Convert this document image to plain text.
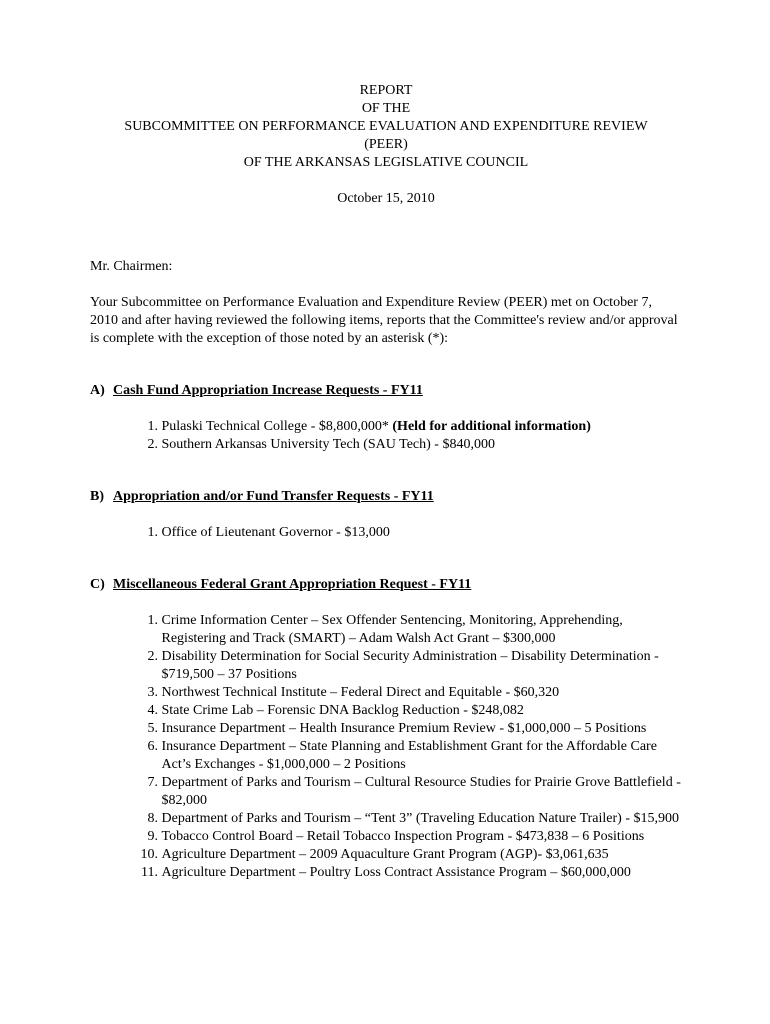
REPORT
OF THE
SUBCOMMITTEE ON PERFORMANCE EVALUATION AND EXPENDITURE REVIEW
(PEER)
OF THE ARKANSAS LEGISLATIVE COUNCIL
October 15, 2010
Mr. Chairmen:
Your Subcommittee on Performance Evaluation and Expenditure Review (PEER) met on October 7, 2010 and after having reviewed the following items, reports that the Committee's review and/or approval is complete with the exception of those noted by an asterisk (*):
A) Cash Fund Appropriation Increase Requests - FY11
1.
Pulaski Technical College - $8,800,000* (Held for additional information)
2.
Southern Arkansas University Tech (SAU Tech) - $840,000
B) Appropriation and/or Fund Transfer Requests - FY11
1.
Office of Lieutenant Governor - $13,000
C) Miscellaneous Federal Grant Appropriation Request - FY11
1.
Crime Information Center – Sex Offender Sentencing, Monitoring, Apprehending, Registering and Track (SMART) – Adam Walsh Act Grant – $300,000
2.
Disability Determination for Social Security Administration – Disability Determination - $719,500 – 37 Positions
3.
Northwest Technical Institute – Federal Direct and Equitable - $60,320
4.
State Crime Lab – Forensic DNA Backlog Reduction - $248,082
5.
Insurance Department – Health Insurance Premium Review - $1,000,000 – 5 Positions
6.
Insurance Department – State Planning and Establishment Grant for the Affordable Care Act’s Exchanges - $1,000,000 – 2 Positions
7.
Department of Parks and Tourism – Cultural Resource Studies for Prairie Grove Battlefield - $82,000
8.
Department of Parks and Tourism – “Tent 3” (Traveling Education Nature Trailer) - $15,900
9.
Tobacco Control Board – Retail Tobacco Inspection Program - $473,838 – 6 Positions
10.
Agriculture Department – 2009 Aquaculture Grant Program (AGP)- $3,061,635
11.
Agriculture Department – Poultry Loss Contract Assistance Program – $60,000,000
